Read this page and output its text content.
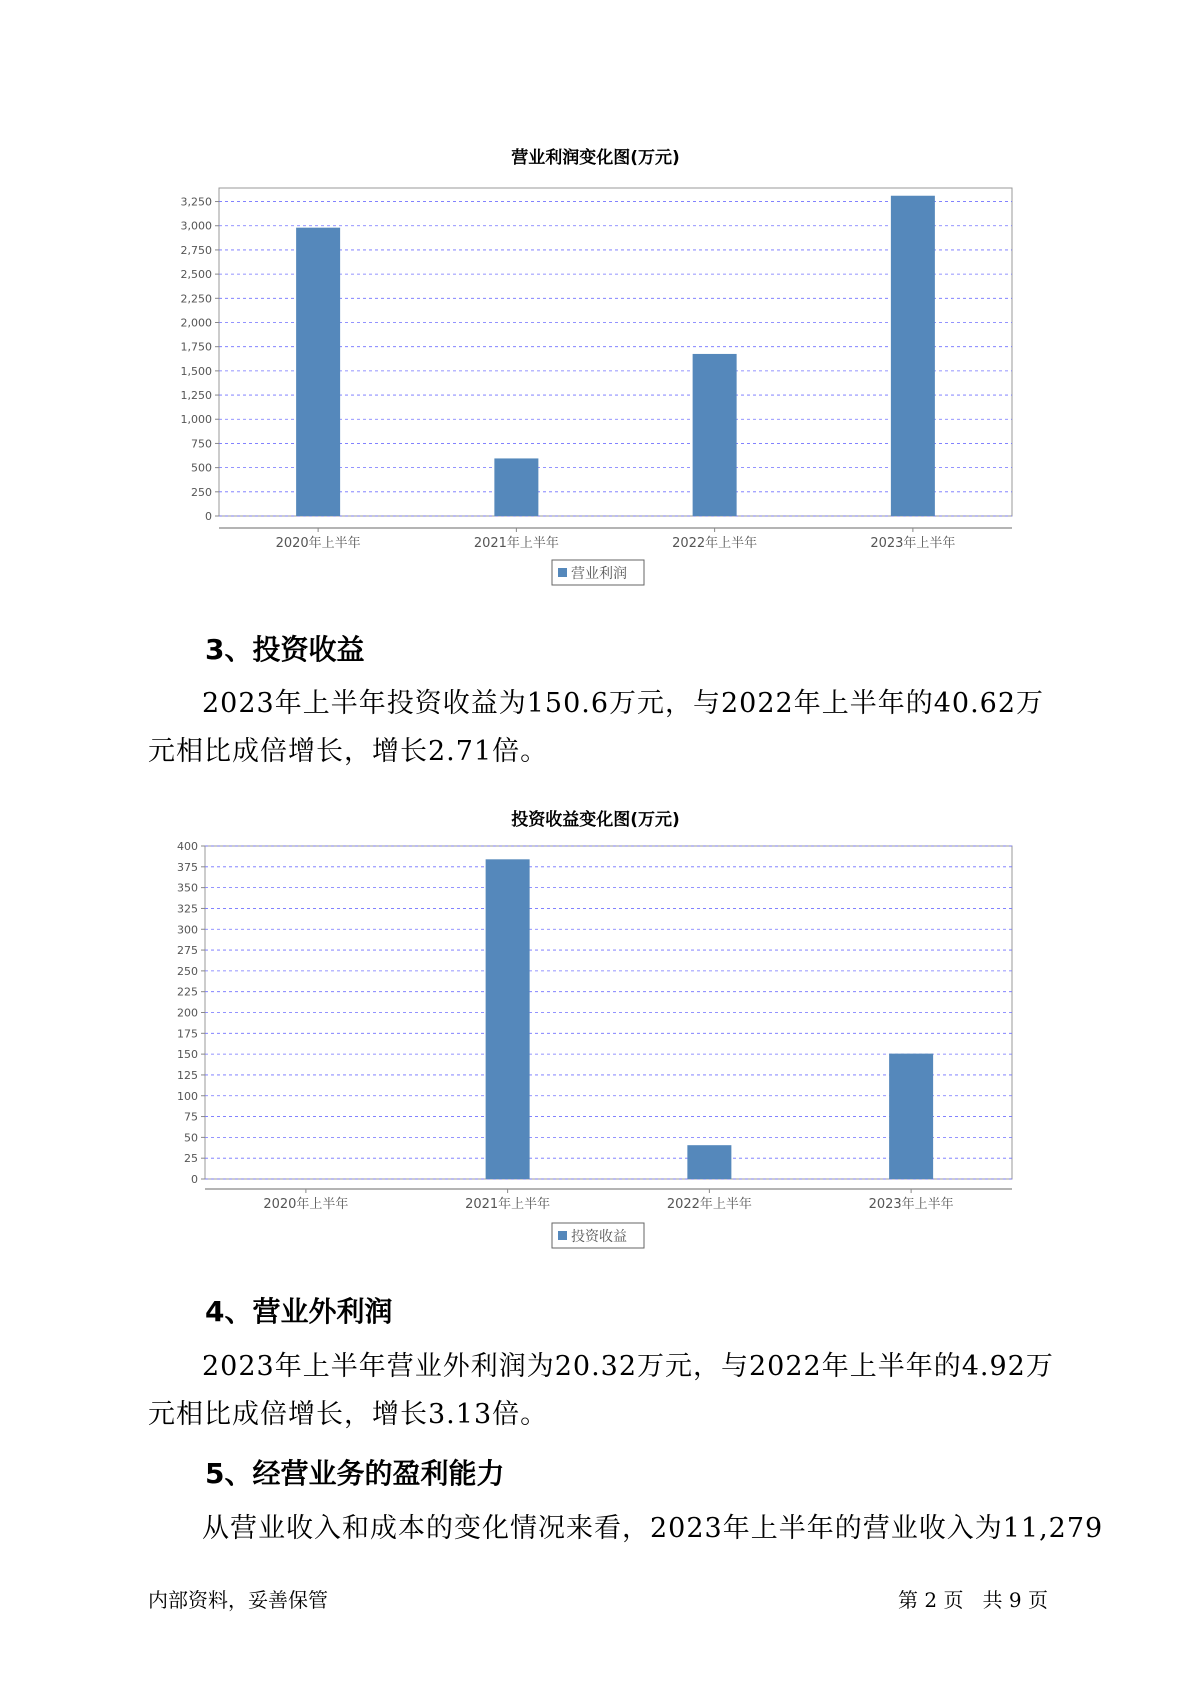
营业利润变化图(万元)
0
250
500
750
1,000
1,250
1,500
1,750
2,000
2,250
2,500
2,750
3,000
3,250
2020年上半年	2021年上半年	2022年上半年	2023年上半年
营业利润
3、投资收益
2023年上半年投资收益为150.6万元，与2022年上半年的40.62万元相比成倍增长，增长2.71倍。
投资收益变化图(万元)
0
25
50
75
100
125
150
175
200
225
250
275
300
325
350
375
400
2020年上半年	2021年上半年	2022年上半年	2023年上半年
投资收益
4、营业外利润
2023年上半年营业外利润为20.32万元，与2022年上半年的4.92万元相比成倍增长，增长3.13倍。
5、经营业务的盈利能力
从营业收入和成本的变化情况来看，2023年上半年的营业收入为11,279
内部资料，妥善保管	第 2 页   共 9 页
